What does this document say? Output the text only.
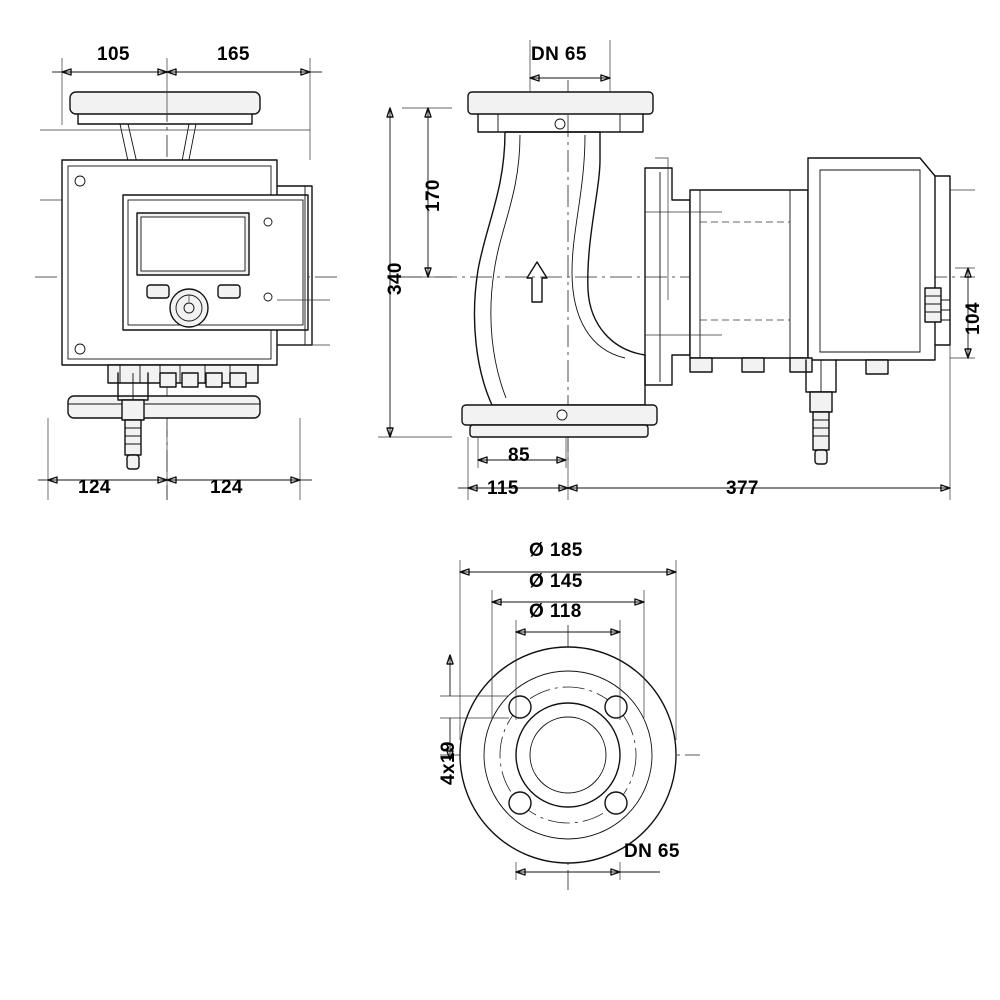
105	165
124	124
DN 65
170
340
85
115	377
104
Ø 185
Ø 145
Ø 118
4x19
DN 65
